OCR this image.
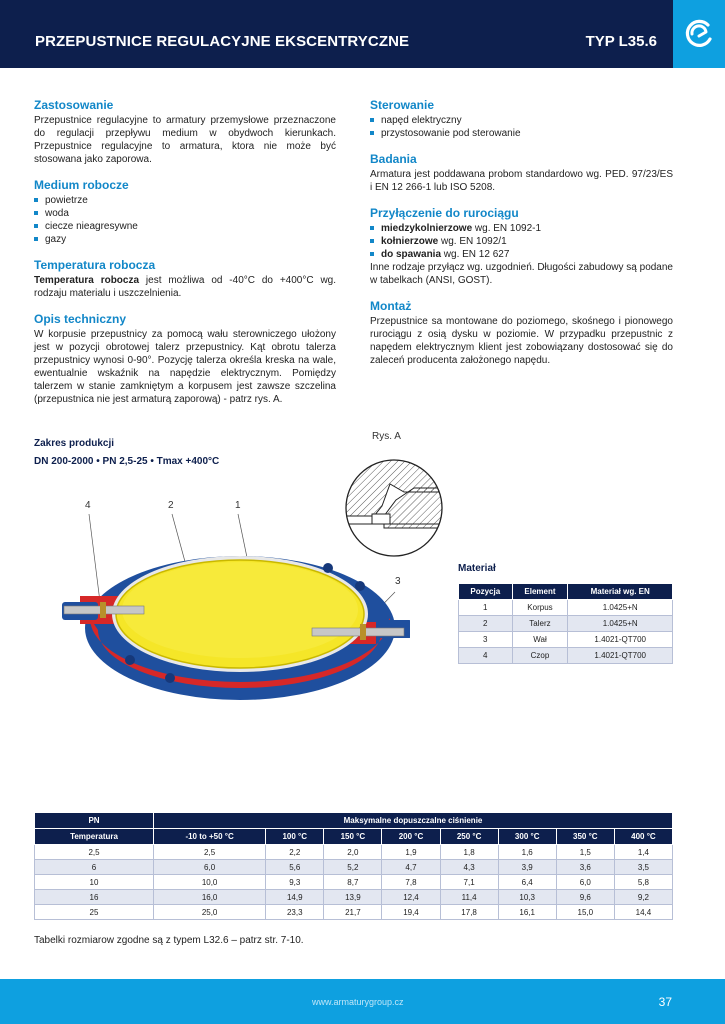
PRZEPUSTNICE REGULACYJNE EKSCENTRYCZNE	TYP L35.6
Zastosowanie

Przepustnice regulacyjne to armatury przemysłowe przeznaczone do regulacji przepływu medium w obydwoch kierunkach. Przepustnice regulacyjne to armatura, ktora nie może być stosowana jako zaporowa.

Medium robocze
powietrze
woda
ciecze nieagresywne
gazy
Temperatura robocza

Temperatura robocza jest możliwa od -40°C do +400°C wg. rodzaju materialu i uszczelnienia.

Opis techniczny

W korpusie przepustnicy za pomocą wału sterowniczego ułożony jest w pozycji obrotowej talerz przepustnicy. Kąt obrotu talerza przepustnicy wynosi 0-90°. Pozycję talerza określa kreska na wale, ewentualnie wskaźnik na napędzie elektrycznym. Pomiędzy talerzem w stanie zamkniętym a korpusem jest zawsze szczelina (przepustnica nie jest armaturą zaporową) - patrz rys. A.

Sterowanie
napęd elektryczny
przystosowanie pod sterowanie
Badania

Armatura jest poddawana probom standardowo wg. PED. 97/23/ES i EN 12 266-1 lub ISO 5208.

Przyłączenie do rurociągu
miedzykolnierzowe wg. EN 1092-1
kołnierzowe wg. EN 1092/1
do spawania wg. EN 12 627

Inne rodzaje przyłącz wg. uzgodnień. Długości zabudowy są podane w tabelkach (ANSI, GOST).

Montaż

Przepustnice sa montowane do poziomego, skośnego i pionowego rurociągu z osią dysku w poziomie. W przypadku przepustnic z napędem elektrycznym klient jest zobowiązany dostosować się do zaleceń producenta założonego napędu.

Zakres produkcji
DN 200-2000 • PN 2,5-25 • Tmax +400°C
Rys. A
4	2	1
3
Materiał
Pozycja	Element	Materiał wg. EN
1	Korpus	1.0425+N
2	Talerz	1.0425+N
3	Wał	1.4021-QT700
4	Czop	1.4021-QT700
PN	Maksymalne dopuszczalne ciśnienie							
Temperatura	-10 to +50 °C	100 °C	150 °C	200 °C	250 °C	300 °C	350 °C	400 °C
2,5	2,5	2,2	2,0	1,9	1,8	1,6	1,5	1,4
6	6,0	5,6	5,2	4,7	4,3	3,9	3,6	3,5
10	10,0	9,3	8,7	7,8	7,1	6,4	6,0	5,8
16	16,0	14,9	13,9	12,4	11,4	10,3	9,6	9,2
25	25,0	23,3	21,7	19,4	17,8	16,1	15,0	14,4
Tabelki rozmiarow zgodne są z typem L32.6 – patrz str. 7-10.
www.armaturygroup.cz	37
